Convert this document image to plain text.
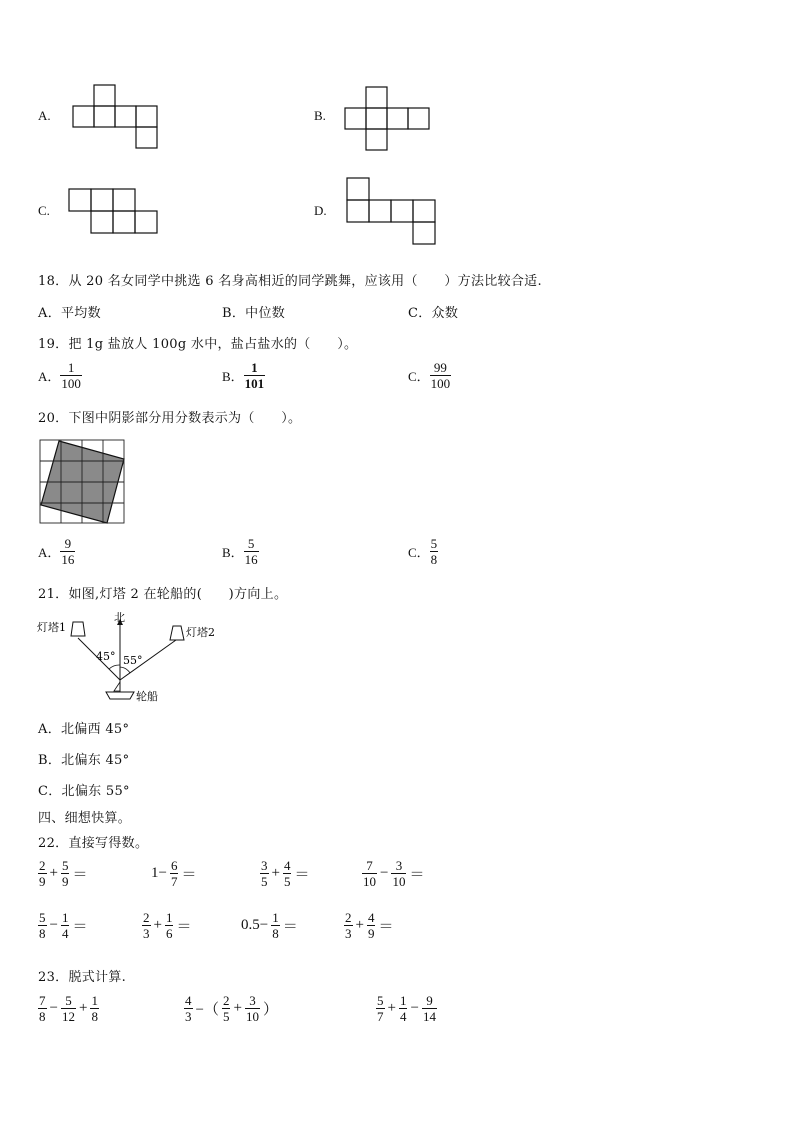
A.	B.
C.	D.
18．从 20 名女同学中挑选 6 名身高相近的同学跳舞，应该用（　　）方法比较合适.
A．平均数	B．中位数	C．众数
19．把 1g 盐放人 100g 水中，盐占盐水的（　　）。
A． $\frac{1}{100}$	B． $\frac{1}{101}$	C． $\frac{99}{100}$
20．下图中阴影部分用分数表示为（　　）。
A． $\frac{9}{16}$	B． $\frac{5}{16}$	C． $\frac{5}{8}$
21．如图,灯塔 2 在轮船的(　　)方向上。
北
灯塔1	灯塔2
45° 55°
轮船
A．北偏西 45°
B．北偏东 45°
C．北偏东 55°
四、细想快算。
22．直接写得数。
$\frac{2}{9} + \frac{5}{9}$ ＝	$1- \frac{6}{7}$ ＝	$\frac{3}{5} + \frac{4}{5}$ ＝	$\frac{7}{10} - \frac{3}{10}$ ＝
$\frac{5}{8} - \frac{1}{4}$ ＝	$\frac{2}{3} + \frac{1}{6}$ ＝	$0.5- \frac{1}{8}$ ＝	$\frac{2}{3} + \frac{4}{9}$ ＝
23．脱式计算.
$\frac{7}{8} - \frac{5}{12} + \frac{1}{8}$	$\frac{4}{3}$ −（ $\frac{2}{5} + \frac{3}{10}$ ）	$\frac{5}{7} + \frac{1}{4} - \frac{9}{14}$
